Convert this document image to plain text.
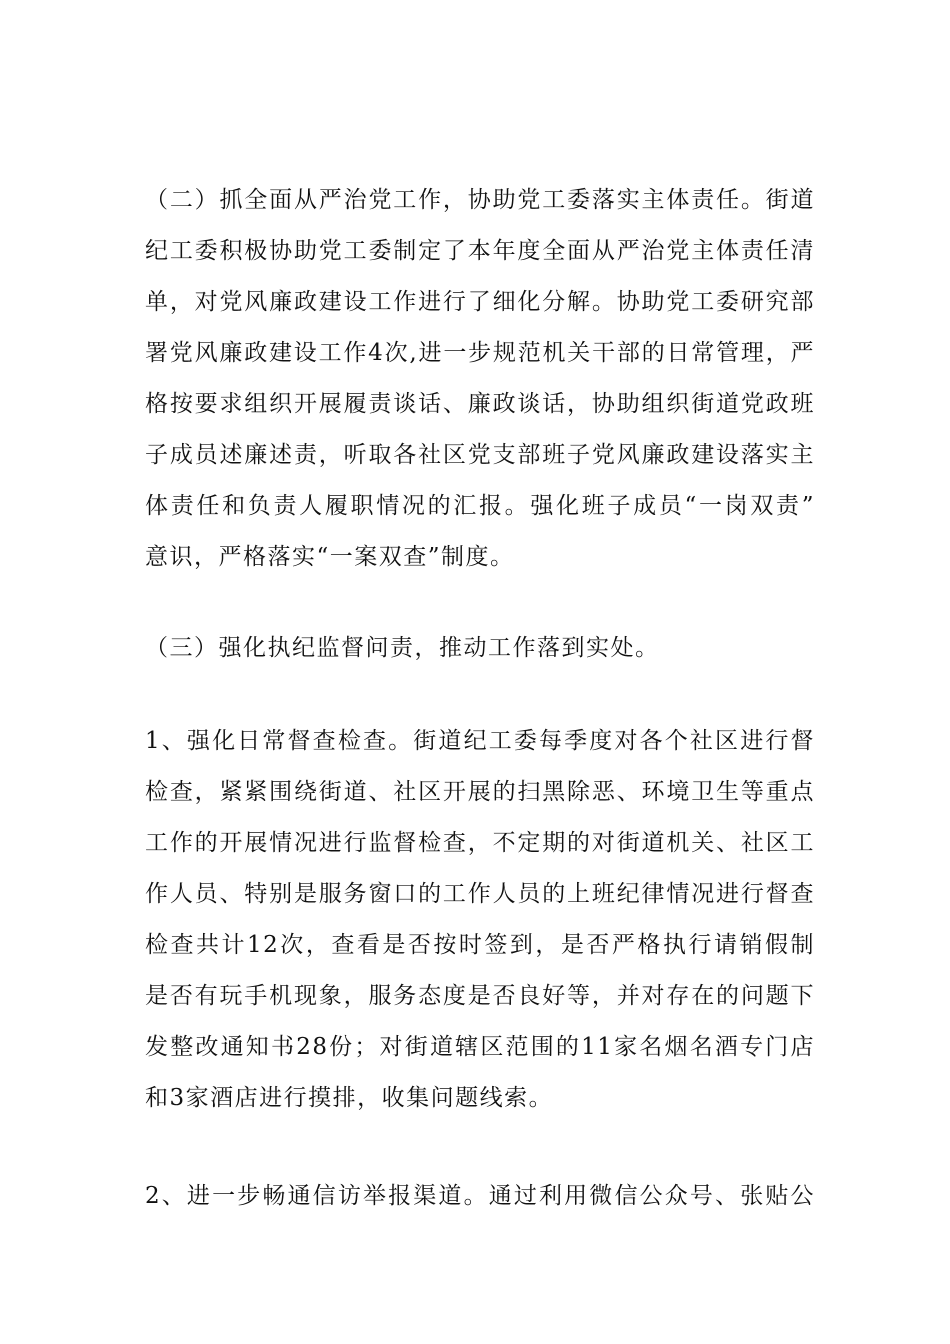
（二）抓全面从严治党工作，协助党工委落实主体责任。街道
纪工委积极协助党工委制定了本年度全面从严治党主体责任清
单，对党风廉政建设工作进行了细化分解。协助党工委研究部
署党风廉政建设工作4次,进一步规范机关干部的日常管理，严
格按要求组织开展履责谈话、廉政谈话，协助组织街道党政班
子成员述廉述责，听取各社区党支部班子党风廉政建设落实主
体责任和负责人履职情况的汇报。强化班子成员“一岗双责”
意识，严格落实“一案双查”制度。
（三）强化执纪监督问责，推动工作落到实处。
1、强化日常督查检查。街道纪工委每季度对各个社区进行督
检查，紧紧围绕街道、社区开展的扫黑除恶、环境卫生等重点
工作的开展情况进行监督检查，不定期的对街道机关、社区工
作人员、特别是服务窗口的工作人员的上班纪律情况进行督查
检查共计12次，查看是否按时签到，是否严格执行请销假制
是否有玩手机现象，服务态度是否良好等，并对存在的问题下
发整改通知书28份；对街道辖区范围的11家名烟名酒专门店
和3家酒店进行摸排，收集问题线索。
2、进一步畅通信访举报渠道。通过利用微信公众号、张贴公
